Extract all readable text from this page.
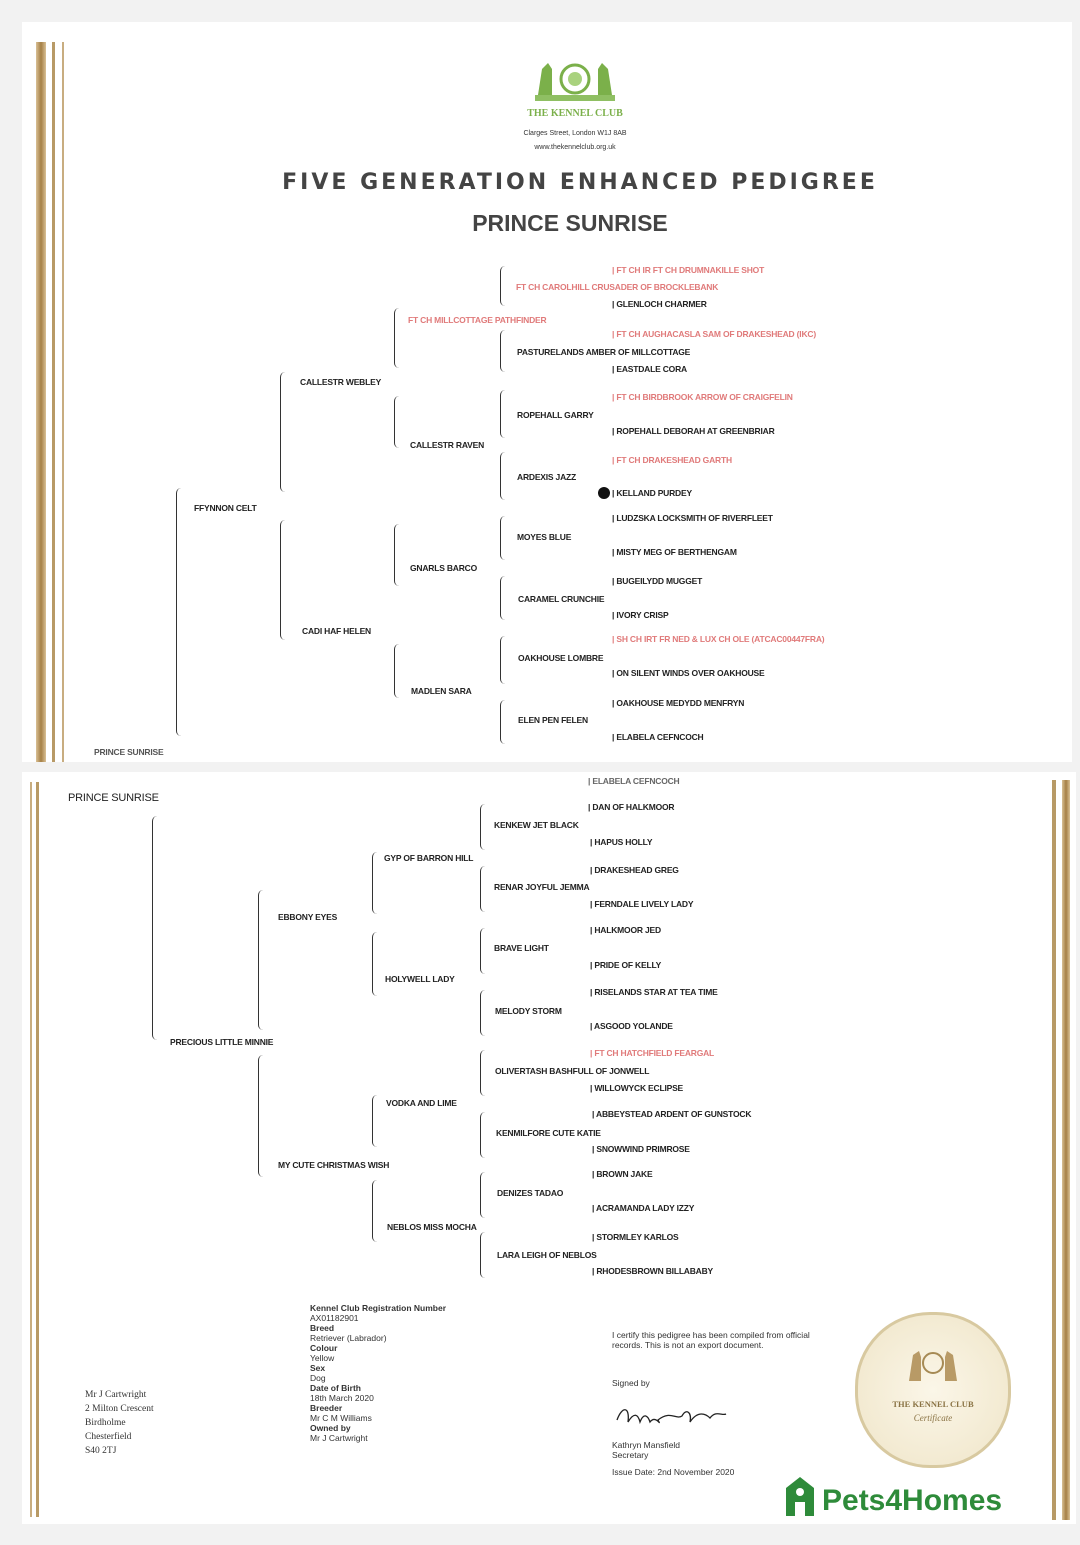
THE KENNEL CLUB
Clarges Street, London W1J 8AB
www.thekennelclub.org.uk
FIVE GENERATION ENHANCED PEDIGREE
PRINCE SUNRISE
PRINCE SUNRISE
FFYNNON CELT
CALLESTR WEBLEY
CADI HAF HELEN
FT CH MILLCOTTAGE PATHFINDER
CALLESTR RAVEN
GNARLS BARCO
MADLEN SARA
FT CH CAROLHILL CRUSADER OF BROCKLEBANK
PASTURELANDS AMBER OF MILLCOTTAGE
ROPEHALL GARRY
ARDEXIS JAZZ
MOYES BLUE
CARAMEL CRUNCHIE
OAKHOUSE LOMBRE
ELEN PEN FELEN
| FT CH IR FT CH DRUMNAKILLE SHOT
| GLENLOCH CHARMER
| FT CH AUGHACASLA SAM OF DRAKESHEAD (IKC)
| EASTDALE CORA
| FT CH BIRDBROOK ARROW OF CRAIGFELIN
| ROPEHALL DEBORAH AT GREENBRIAR
| FT CH DRAKESHEAD GARTH
| KELLAND PURDEY
| LUDZSKA LOCKSMITH OF RIVERFLEET
| MISTY MEG OF BERTHENGAM
| BUGEILYDD MUGGET
| IVORY CRISP
| SH CH IRT FR NED & LUX CH OLE (ATCAC00447FRA)
| ON SILENT WINDS OVER OAKHOUSE
| OAKHOUSE MEDYDD MENFRYN
| ELABELA CEFNCOCH
PRINCE SUNRISE
PRECIOUS LITTLE MINNIE
EBBONY EYES
MY CUTE CHRISTMAS WISH
GYP OF BARRON HILL
HOLYWELL LADY
VODKA AND LIME
NEBLOS MISS MOCHA
KENKEW JET BLACK
RENAR JOYFUL JEMMA
BRAVE LIGHT
MELODY STORM
OLIVERTASH BASHFULL OF JONWELL
KENMILFORE CUTE KATIE
DENIZES TADAO
LARA LEIGH OF NEBLOS
| ELABELA CEFNCOCH
| DAN OF HALKMOOR
| HAPUS HOLLY
| DRAKESHEAD GREG
| FERNDALE LIVELY LADY
| HALKMOOR JED
| PRIDE OF KELLY
| RISELANDS STAR AT TEA TIME
| ASGOOD YOLANDE
| FT CH HATCHFIELD FEARGAL
| WILLOWYCK ECLIPSE
| ABBEYSTEAD ARDENT OF GUNSTOCK
| SNOWWIND PRIMROSE
| BROWN JAKE
| ACRAMANDA LADY IZZY
| STORMLEY KARLOS
| RHODESBROWN BILLABABY
Kennel Club Registration Number
AX01182901
Breed
Retriever (Labrador)
Colour
Yellow
Sex
Dog
Date of Birth
18th March 2020
Breeder
Mr C M Williams
Owned by
Mr J Cartwright
Mr J Cartwright
2 Milton Crescent
Birdholme
Chesterfield
S40 2TJ
I certify this pedigree has been compiled from official records. This is not an export document.
Signed by
Kathryn Mansfield
Secretary
Issue Date: 2nd November 2020
THE KENNEL CLUB
Certificate
Pets4Homes
